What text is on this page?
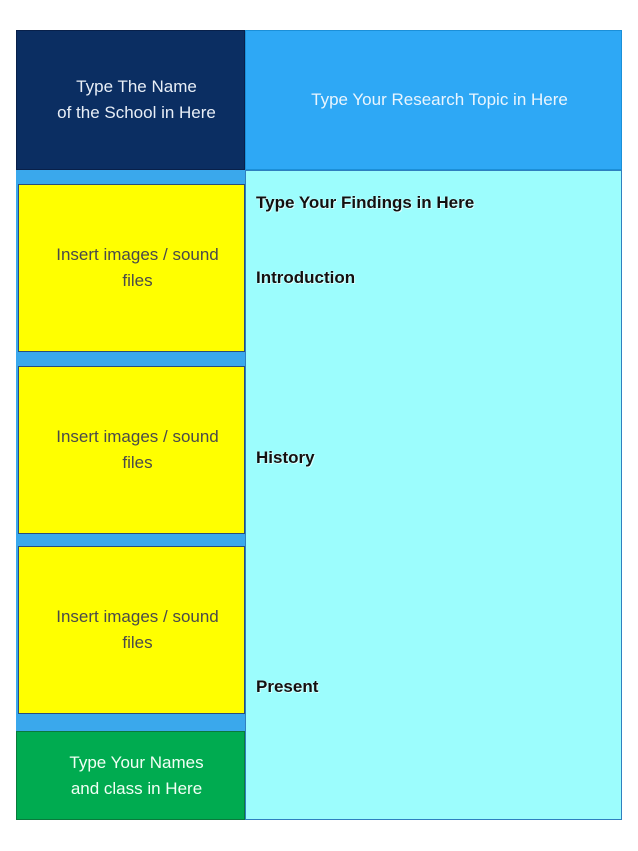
Type The Name
of the School in Here
Type Your Research Topic in Here
Insert images / sound
files
Insert images / sound
files
Insert images / sound
files
Type Your Names
and class in Here
Type Your Findings in Here
Introduction
History
Present
